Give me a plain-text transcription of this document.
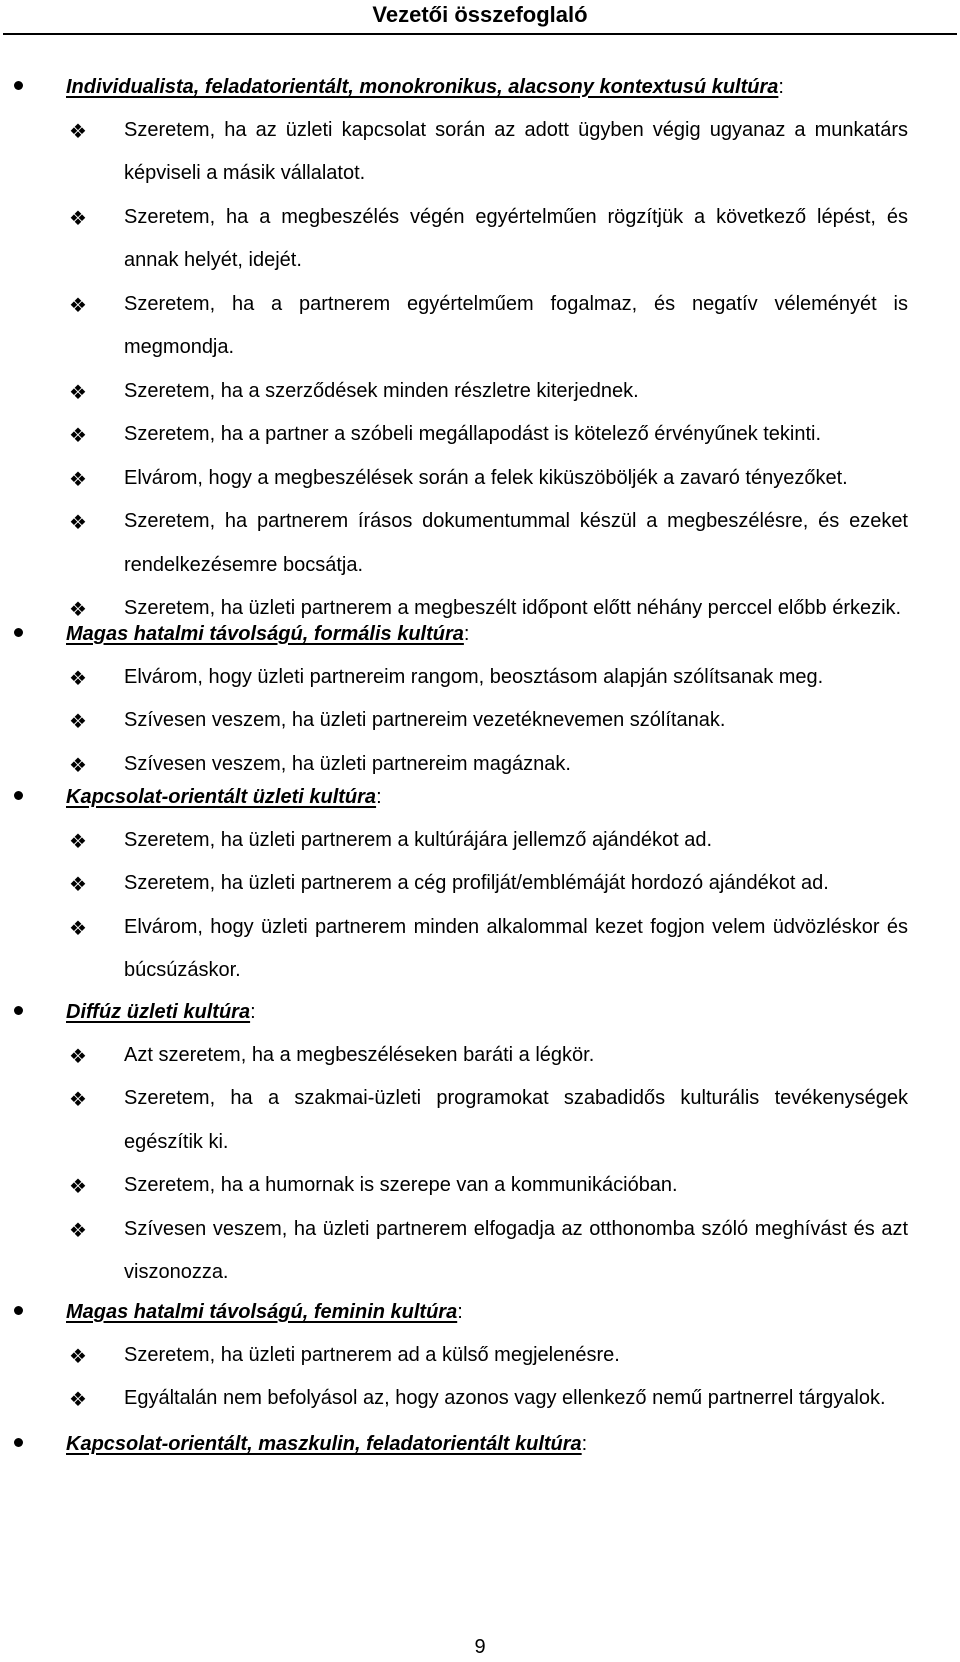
Vezetői összefoglaló
Individualista, feladatorientált, monokronikus, alacsony kontextusú kultúra:
❖ Szeretem, ha az üzleti kapcsolat során az adott ügyben végig ugyanaz a munkatárs képviseli a másik vállalatot.
❖ Szeretem, ha a megbeszélés végén egyértelműen rögzítjük a következő lépést, és annak helyét, idejét.
❖ Szeretem, ha a partnerem egyértelműem fogalmaz, és negatív véleményét is megmondja.
❖ Szeretem, ha a szerződések minden részletre kiterjednek.
❖ Szeretem, ha a partner a szóbeli megállapodást is kötelező érvényűnek tekinti.
❖ Elvárom, hogy a megbeszélések során a felek kiküszöböljék a zavaró tényezőket.
❖ Szeretem, ha partnerem írásos dokumentummal készül a megbeszélésre, és ezeket rendelkezésemre bocsátja.
❖ Szeretem, ha üzleti partnerem a megbeszélt időpont előtt néhány perccel előbb érkezik.
Magas hatalmi távolságú, formális kultúra:
❖ Elvárom, hogy üzleti partnereim rangom, beosztásom alapján szólítsanak meg.
❖ Szívesen veszem, ha üzleti partnereim vezetéknevemen szólítanak.
❖ Szívesen veszem, ha üzleti partnereim magáznak.
Kapcsolat-orientált üzleti kultúra:
❖ Szeretem, ha üzleti partnerem a kultúrájára jellemző ajándékot ad.
❖ Szeretem, ha üzleti partnerem a cég profilját/emblémáját hordozó ajándékot ad.
❖ Elvárom, hogy üzleti partnerem minden alkalommal kezet fogjon velem üdvözléskor és búcsúzáskor.
Diffúz üzleti kultúra:
❖ Azt szeretem, ha a megbeszéléseken baráti a légkör.
❖ Szeretem, ha a szakmai-üzleti programokat szabadidős kulturális tevékenységek egészítik ki.
❖ Szeretem, ha a humornak is szerepe van a kommunikációban.
❖ Szívesen veszem, ha üzleti partnerem elfogadja az otthonomba szóló meghívást és azt viszonozza.
Magas hatalmi távolságú, feminin kultúra:
❖ Szeretem, ha üzleti partnerem ad a külső megjelenésre.
❖ Egyáltalán nem befolyásol az, hogy azonos vagy ellenkező nemű partnerrel tárgyalok.
Kapcsolat-orientált, maszkulin, feladatorientált kultúra:
9
